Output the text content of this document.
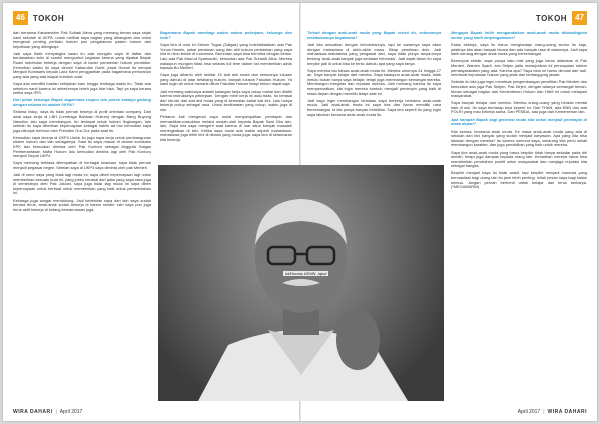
46	TOKOH	TOKOH	47

dan bersama Kabareskrim Pak Suhadi Alexa yang memang teman saya sejak kami sekolah di UKPA, untuk melihat saya bagian yang dibangkan dan untuk mengenal penting perilaku hukum pun pengalaman pasien hukum dari kepolisian yang dilengkapi.

Jadi saya tidak menyangka kalau itu ada mungkin saya di daftar dan berdasarkan tahu di sumbil mengontrol kegiatan kerena yang dipakai Bapak Ruani kebetulan bekerja dengan saya di kader pemberian hukum peradilan. Kemudian waktu itu saya diuruni Kabarulan Ganti, juwal Hueari itu sempat Menjadi Komisaris kepala Lalul Kami penggantian pada bagaimana perturanan yang ada yang ada isiapat kumbuh adat.

Saya ada memiliki hasilan kebijakan baru hingga lembaga waktu itu. Tidak ada sebelum nanti karena ini sebelumnya boleh juga biar bisa. Tapi ya saya kerasa ketika saya IPIS.

Dari pihak keluarga Bapak bagaimana respon lalu pokok kakaiya gedung dengan selama ini adalah UKPA?

Selama hidup, saya itu tidak pernah bekerja di profil orientasi company. Dari awal saya kerja di LBH (Lembaga Bantuan Hukum) dengan Bang Buyung Nasution lalu saya membangun. Itu terdapat untuk hukum lingkungan, lalu setelah itu saya diberikan kepercayaan sebagai hakim ad hoc kemudian saya juga ditunjuk berturut oleh Presiden Gus Dur pada saat itu.

Kemudian saya kinerja di UKP4 Untuk itu juga saya kerja untuk pembangunan sistem hukum dan lain sebagainya. Saat itu saya masuk di dewan komisaris KPK lalu kemudian diminta oleh Pak Kuntoro sebagai Anggota Satgas Pemberantasan Mafia Hukum lalu kemudian diminta lagi oleh Pak Kuntoro menjadi Deputi UKP4.

Saya memang terbiasa ditempatkan di berbagai keadaan, saya tidak pernah menjadi pegawai negeri. Setelah saya di UKP4 saya diminta oleh pak Menteri.

Jadi di umur saya yang tidak lagi muda ini, saya diberi kepercayaan lagi untuk memberikan sesuatu buat ini, yang justru berasal dari jalan yang saya rasa juga di semestinya oleh Pak Jokowi, saya juga tidak lagi muda ini saya diberi kepercayaan untuk berbuat untuk memberikan yang baik untuk pemerintahan ini.

Keluarga juga sangat mendukung. Jadi kebetulan saya dan istri saya sudah berdua terus, anak-anak sudah bekerja di kantor sendiri. Istri saya pun juga terus aktif bekerja di bidang kemanusiaan juga.

Bagaimana Bapak membagi waktu antara pekerjaan, keluarga dan hobi?

Saya kira di usia ini Sekum Tugas (Satgas) yang bolehdikatakan ada Pak Yunus Husein, pakar peraturan uang dan ahli hukum perbankan yang saya kira itu ilmu teknik di Indonesia. Berurutan saya bisa bermitra dengan beliau. Lalu ada Pak Mas'ud Syamsudin, kemudian ada Pak Suhardi Alius. Mereka walaupun mungkin tidak bisa selaras full time dalam hal memberikan advis kepada Bu Menteri.

Saya juga dibantu oleh sekitar 15 staf ahli muda dan semuanya lulusan yang dahulu di latar belakang hukum, banyak lulusan Fakultas Hukum. Ya kami ingin ah untuk menarik diluar Fakultas Hukum tetapi belum dapat saja.

Jadi memang waktunya adalah kalangan kerja saya cukup mahal dan dilatih karena instruksinya pekerjaan. Dengan mine kerja ini atau tidak, itu berasal dari ide-ide dari staf ahli muda yang di kemudian bakal kali kini. Lalu hanya bekerja cukup sebagai rasa. Untuk kenikmatan yang cukup, waktu juga di situ.

Pertama kali mengenal saya mulai menyampaikan pendapat dan memastikan-masukkan melalui seolah-olah kepada Bapak Saat Gita lain-lain, Saya kira saya mengerti saat karena di luar sana banyak masalah meningkatkan di situ. Ketika saya mulai ada waktu seperti mahasiswa-mahasiswa juga lebih kini di dewan yang muda juga, saya kira di kelancaran kita bekerja.

Terkait dengan anak-anak muda yang Bapak rekrut itu, sebenarnya melakukannya bagaimana?

Jadi kita sesuaikan dengan kebutuhannya, tapi ke sarannya saya akan dengan mahasiswa di akhir-akhir masa. Sikap pemikiran dulu. Jadi mahasiswa-mahasiswa yang pengawal dari, saya tidak punya tanya-tanya tentang 'anak-anak banyak juga sedalam informasi'. Jadi sejak tahun itu saya berpikir jadi di untuk bisa ke tentu dahulu apa yang saya tanya.

Saya mereka tau bahwa anak-anak muda ini. Mereka umurnya 24 hingga 27 an. Saya banyak belajar dari mereka. Saya kalaupun anak-anak muda, tidak melulu bukan hanya saya belajar, tetapi juga membangun semangat mereka. Membangun integritas dan reputasi mereka. Jadi memang karena itu saya memperhatikan, kita ingin mereka tumbuh menjadi pemimpin yang baik di masa depan dengan memiliki tetapi saat ini.

Jadi saya ingin membangun keadaan saya berkerja bersama anak-anak muda. Jadi anak-anak muda ini saya kira dan harus memiliki rasa bersemangat. Ia kita punya banyak keaktifan. Saya kira seperti itu yang ingin saya lakukan bersama anak-anak muda itu.

Mengapa Bapak lebih mengandalkan anak-anak muda dibandingkan senior yang lebih berpengalaman?

Kalau bekerja, saya itu harus menghadapi orang-orang senior itu saja, pastinya kita akan banyak bicara dan ada banyak rasa di dalamnya. Jadi saya lebih senang dengan anak muda yang bersemangat.

Berumpuk sebab, saya punya satu misi yang juga harus dilakukan di Pak Menteri, Wamen Syarif, dan Setjen yaitu mewujudkan ini pencapaian sistem pemasyarakatan yang ada. Karena apa? Saya tahu ini harus dimulai dari tadi, membuat keputusan hukum yang jelas dan bertanggung jawab.

Setelah itu kita juga ingin membuat pengembangan penelitian Pak Menteri dan kemudian ada juga Pak Sekjen, Pak Dirjen, dengan adanya semangat teman-teman sebagai bagian dari Kementerian Hukum dan HAM ini untuk melayani masyarakat.

Saya banyak belajar dari mereka. Mereka orang-orang yang berada mental baik di sini. Itu saya berharap bisa seperti ini. Dari THAN, ada BNN dan ada POLRI yang mau bekerja sama. Dari PEMDA, ada juga dari Kementerian lain.

Apa harapan Bapak bagi generasi muda kita untuk menjadi pemimpin di masa depan?

Kita semua, terutama anak muda. Ke masa anak-anak muda yang ada di sekolah dan kini banyak yang sudah menjadi karyawan. Apa yang kita bisa lakukan dengan mereka? Itu karena menurut saya, sekarang kita perlu sekali membangun karakter, dan juga pendidikan yang baik untuk mereka.

Saya kira anak-anak muda yang harus berpikir tidak hanya sekadar pada diri sendiri, tetapi juga dampak kepada orang lain. Kehadiran mereka harus bisa memberikan perubahan positif untuk masyarakat dan menjaga reputasi kita sebagai bangsa.

Berpikir menjadi kaya itu tidak salah, tapi berpikir menjadi manusia yang bermanfaat bagi orang lain itu jauh lebih penting. Inilah pesan saya bagi kalian semua. Jangan pernah berhenti untuk belajar dan terus berkarya. (*MEGAWARNI)

ist/Humas KEMN. Iqbal
WIRA DAHARI | April 2017	April 2017 | WIRA DAHARI
